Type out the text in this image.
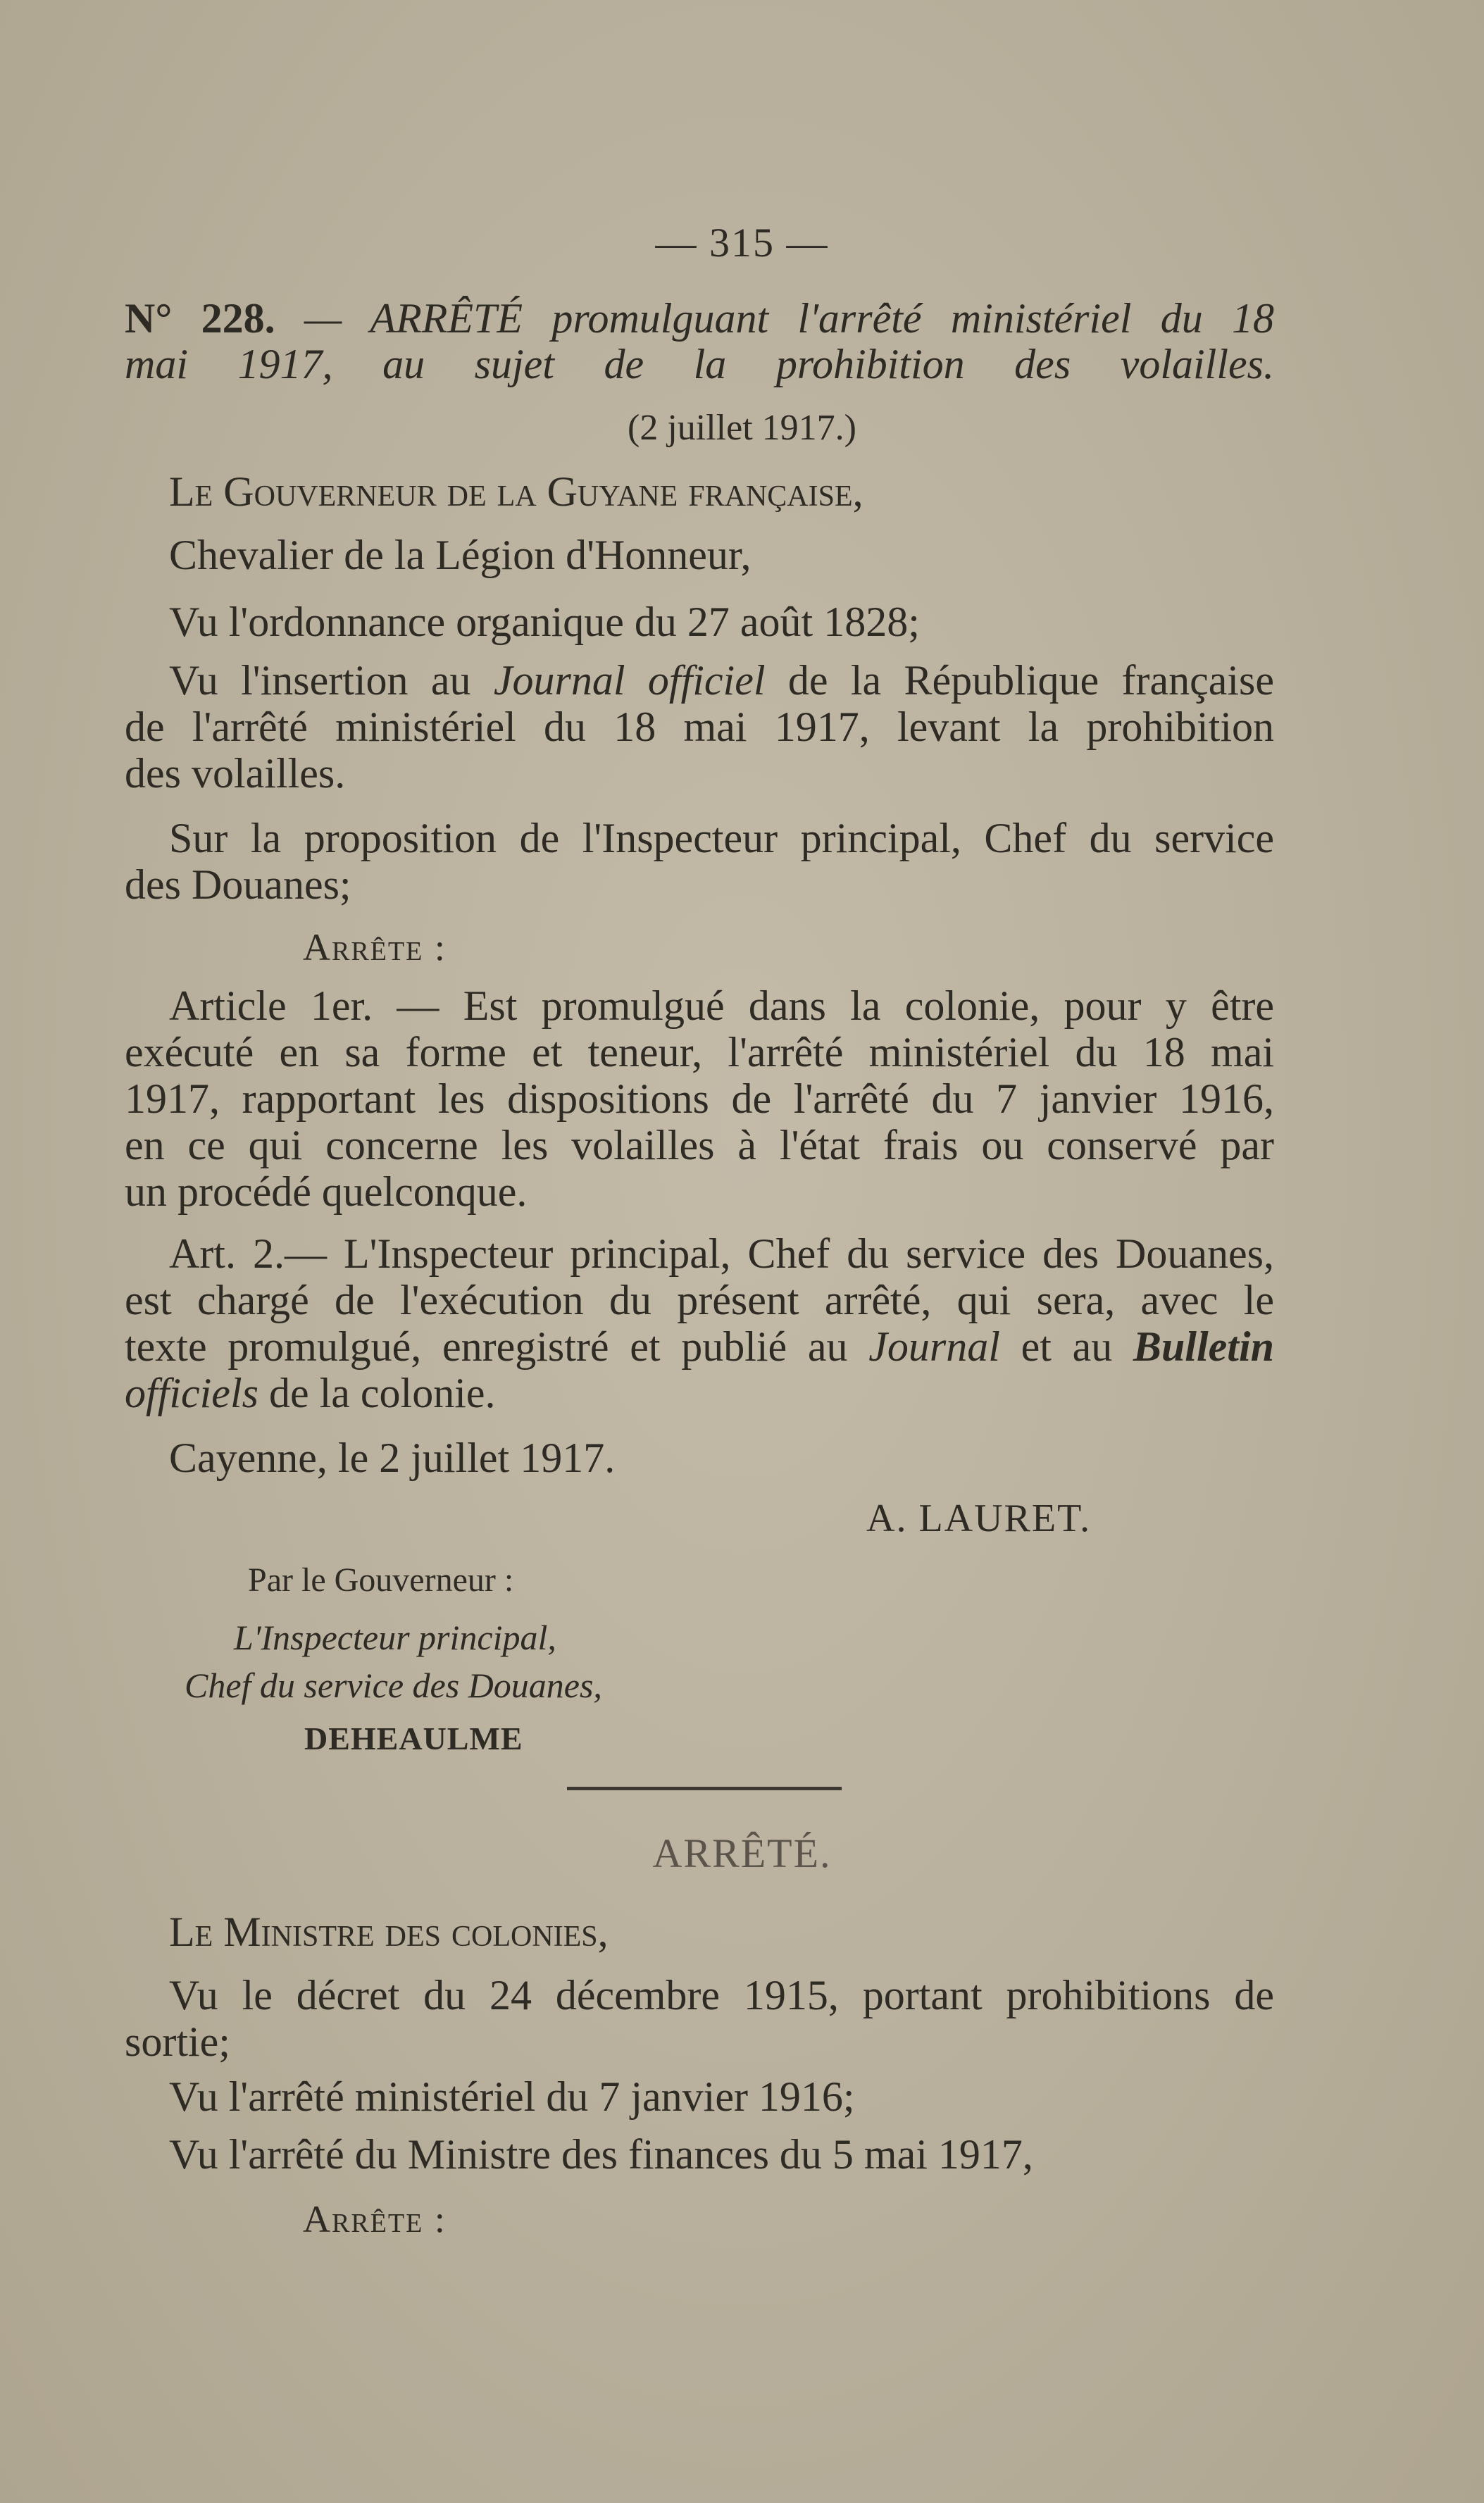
— 315 —
N° 228. — ARRÊTÉ promulguant l'arrêté ministériel du 18
mai 1917, au sujet de la prohibition des volailles.
(2 juillet 1917.)
Le Gouverneur de la Guyane française,
Chevalier de la Légion d'Honneur,
Vu l'ordonnance organique du 27 août 1828;
Vu l'insertion au Journal officiel de la République française
de l'arrêté ministériel du 18 mai 1917, levant la prohibition
des volailles.
Sur la proposition de l'Inspecteur principal, Chef du service
des Douanes;
Arrête :
Article 1er. — Est promulgué dans la colonie, pour y être
exécuté en sa forme et teneur, l'arrêté ministériel du 18 mai
1917, rapportant les dispositions de l'arrêté du 7 janvier 1916,
en ce qui concerne les volailles à l'état frais ou conservé par
un procédé quelconque.
Art. 2.— L'Inspecteur principal, Chef du service des Douanes,
est chargé de l'exécution du présent arrêté, qui sera, avec le
texte promulgué, enregistré et publié au Journal et au Bulletin
officiels de la colonie.
Cayenne, le 2 juillet 1917.
A. LAURET.
Par le Gouverneur :
L'Inspecteur principal,
Chef du service des Douanes,
DEHEAULME
ARRÊTÉ.
Le Ministre des colonies,
Vu le décret du 24 décembre 1915, portant prohibitions de
sortie;
Vu l'arrêté ministériel du 7 janvier 1916;
Vu l'arrêté du Ministre des finances du 5 mai 1917,
Arrête :
